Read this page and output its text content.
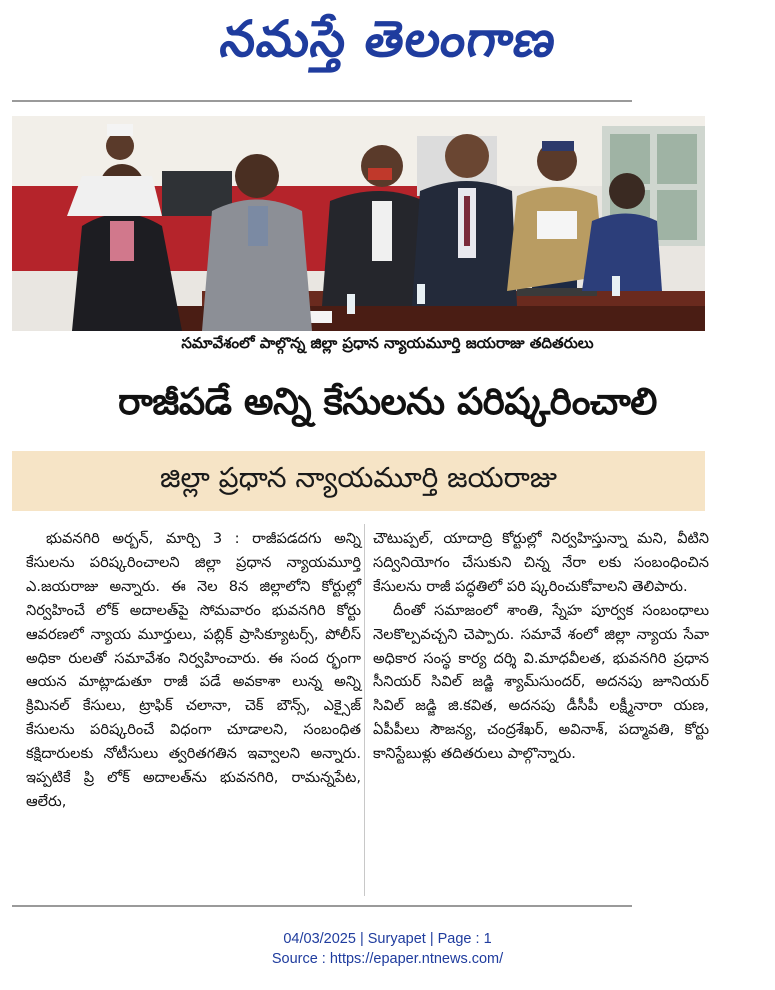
నమస్తే తెలంగాణ
సమావేశంలో పాల్గొన్న జిల్లా ప్రధాన న్యాయమూర్తి జయరాజు తదితరులు
రాజీపడే అన్ని కేసులను పరిష్కరించాలి
జిల్లా ప్రధాన న్యాయమూర్తి జయరాజు

భువనగిరి అర్బన్, మార్చి 3 : రాజీపడదగు అన్ని కేసులను పరిష్కరించాలని జిల్లా ప్రధాన న్యాయమూర్తి ఎ.జయరాజు అన్నారు. ఈ నెల 8న జిల్లాలోని కోర్టుల్లో నిర్వహించే లోక్ అదాలత్‌పై సోమవారం భువనగిరి కోర్టు ఆవరణలో న్యాయ మూర్తులు, పబ్లిక్ ప్రాసిక్యూటర్స్, పోలీస్ అధికా రులతో సమావేశం నిర్వహించారు. ఈ సంద ర్భంగా ఆయన మాట్లాడుతూ రాజీ పడే అవకాశా లున్న అన్ని క్రిమినల్ కేసులు, ట్రాఫిక్ చలానా, చెక్ బౌన్స్, ఎక్సైజ్ కేసులను పరిష్కరించే విధంగా చూడాలని, సంబంధిత కక్షిదారులకు నోటీసులు త్వరితగతిన ఇవ్వాలని అన్నారు. ఇప్పటికే ప్రి లోక్ అదాలత్‌ను భువనగిరి, రామన్నపేట, ఆలేరు,

చౌటుప్పల్, యాదాద్రి కోర్టుల్లో నిర్వహిస్తున్నా మని, వీటిని సద్వినియోగం చేసుకుని చిన్న నేరా లకు సంబంధించిన కేసులను రాజీ పద్ధతిలో పరి ష్కరించుకోవాలని తెలిపారు.

దీంతో సమాజంలో శాంతి, స్నేహ పూర్వక సంబంధాలు నెలకొల్పవచ్చని చెప్పారు. సమావే శంలో జిల్లా న్యాయ సేవా అధికార సంస్థ కార్య దర్శి వి.మాధవీలత, భువనగిరి ప్రధాన సీనియర్ సివిల్ జడ్జి శ్యామ్‌సుందర్, అదనపు జూనియర్ సివిల్ జడ్జి జి.కవిత, అదనపు డీసీపీ లక్ష్మీనారా యణ, ఏపీపీలు సౌజన్య, చంద్రశేఖర్, అవినాశ్, పద్మావతి, కోర్టు కానిస్టేబుళ్లు తదితరులు పాల్గొన్నారు.

04/03/2025 | Suryapet | Page : 1
Source : https://epaper.ntnews.com/
